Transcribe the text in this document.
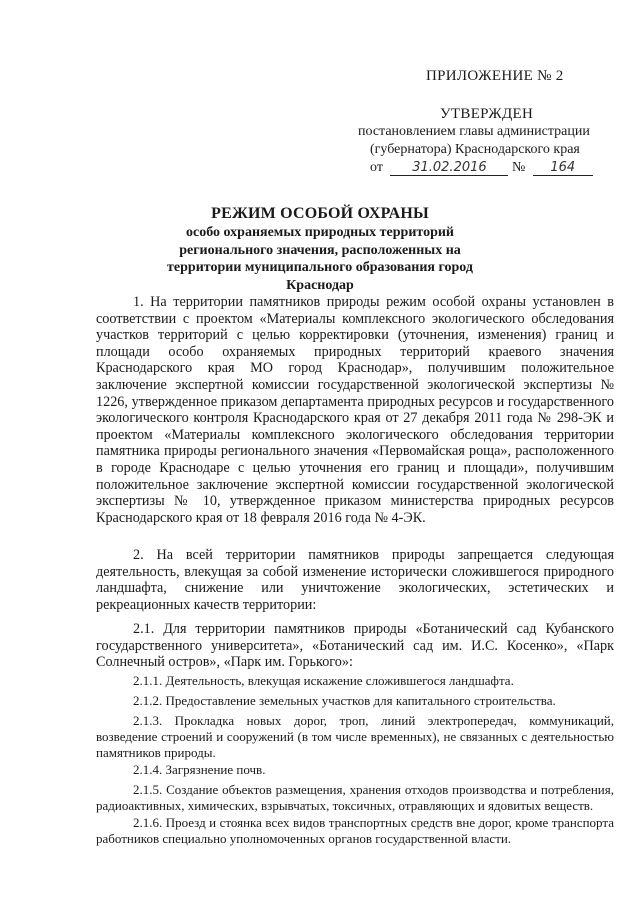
ПРИЛОЖЕНИЕ № 2
УТВЕРЖДЕН
постановлением главы администрации
(губернатора) Краснодарского края
от 31.02.2016 № 164
РЕЖИМ ОСОБОЙ ОХРАНЫ
особо охраняемых природных территорий регионального значения, расположенных на территории муниципального образования город Краснодар

1. На территории памятников природы режим особой охраны установлен в соответствии с проектом «Материалы комплексного экологического обследования участков территорий с целью корректировки (уточнения, изменения) границ и площади особо охраняемых природных территорий краевого значения Краснодарского края МО город Краснодар», получившим положительное заключение экспертной комиссии государственной экологической экспертизы № 1226, утвержденное приказом департамента природных ресурсов и государственного экологического контроля Краснодарского края от 27 декабря 2011 года № 298-ЭК и проектом «Материалы комплексного экологического обследования территории памятника природы регионального значения «Первомайская роща», расположенного в городе Краснодаре с целью уточнения его границ и площади», получившим положительное заключение экспертной комиссии государственной экологической экспертизы № 10, утвержденное приказом министерства природных ресурсов Краснодарского края от 18 февраля 2016 года № 4-ЭК.

2. На всей территории памятников природы запрещается следующая деятельность, влекущая за собой изменение исторически сложившегося природного ландшафта, снижение или уничтожение экологических, эстетических и рекреационных качеств территории:

2.1. Для территории памятников природы «Ботанический сад Кубанского государственного университета», «Ботанический сад им. И.С. Косенко», «Парк Солнечный остров», «Парк им. Горького»:

2.1.1. Деятельность, влекущая искажение сложившегося ландшафта.

2.1.2. Предоставление земельных участков для капитального строительства.

2.1.3. Прокладка новых дорог, троп, линий электропередач, коммуникаций, возведение строений и сооружений (в том числе временных), не связанных с деятельностью памятников природы.

2.1.4. Загрязнение почв.

2.1.5. Создание объектов размещения, хранения отходов производства и потребления, радиоактивных, химических, взрывчатых, токсичных, отравляющих и ядовитых веществ.

2.1.6. Проезд и стоянка всех видов транспортных средств вне дорог, кроме транспорта работников специально уполномоченных органов государственной власти.
